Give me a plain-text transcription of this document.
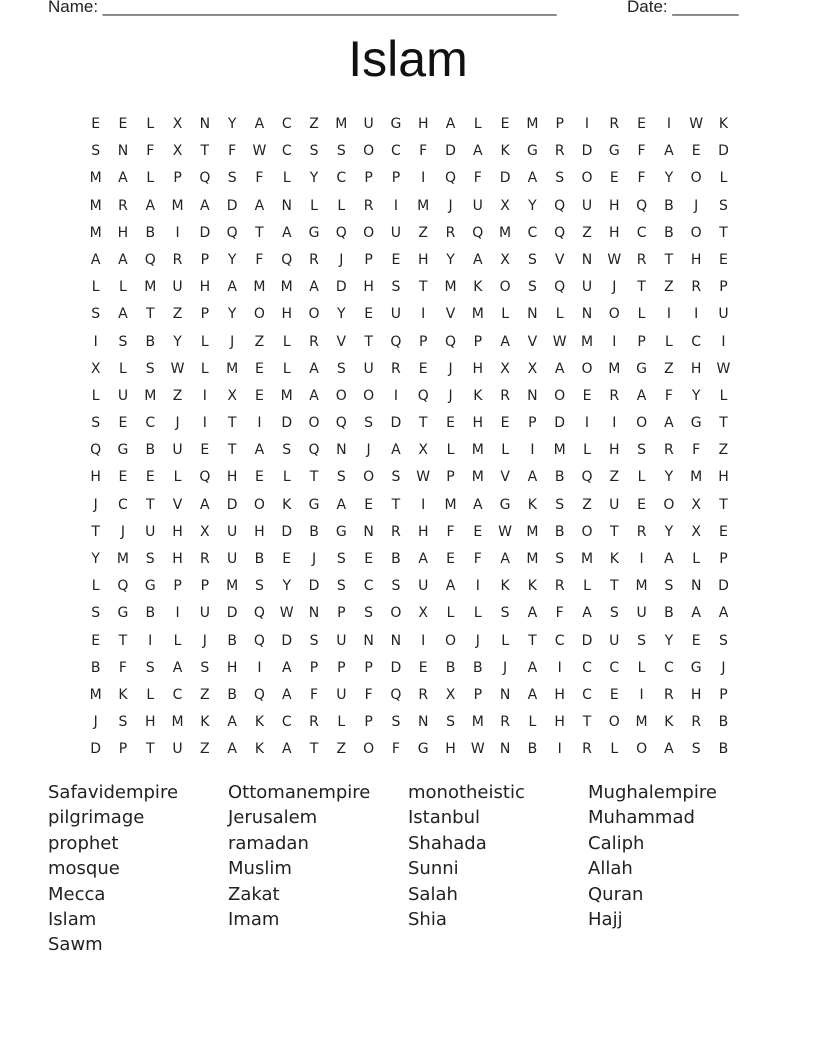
Name: ________________________________________________

	Date: _______

Islam
E	E	L	X	N	Y	A	C	Z	M	U	G	H	A	L	E	M	P	I	R	E	I	W	K
S	N	F	X	T	F	W	C	S	S	O	C	F	D	A	K	G	R	D	G	F	A	E	D
M	A	L	P	Q	S	F	L	Y	C	P	P	I	Q	F	D	A	S	O	E	F	Y	O	L
M	R	A	M	A	D	A	N	L	L	R	I	M	J	U	X	Y	Q	U	H	Q	B	J	S
M	H	B	I	D	Q	T	A	G	Q	O	U	Z	R	Q	M	C	Q	Z	H	C	B	O	T
A	A	Q	R	P	Y	F	Q	R	J	P	E	H	Y	A	X	S	V	N	W	R	T	H	E
L	L	M	U	H	A	M	M	A	D	H	S	T	M	K	O	S	Q	U	J	T	Z	R	P
S	A	T	Z	P	Y	O	H	O	Y	E	U	I	V	M	L	N	L	N	O	L	I	I	U
I	S	B	Y	L	J	Z	L	R	V	T	Q	P	Q	P	A	V	W	M	I	P	L	C	I
X	L	S	W	L	M	E	L	A	S	U	R	E	J	H	X	X	A	O	M	G	Z	H	W
L	U	M	Z	I	X	E	M	A	O	O	I	Q	J	K	R	N	O	E	R	A	F	Y	L
S	E	C	J	I	T	I	D	O	Q	S	D	T	E	H	E	P	D	I	I	O	A	G	T
Q	G	B	U	E	T	A	S	Q	N	J	A	X	L	M	L	I	M	L	H	S	R	F	Z
H	E	E	L	Q	H	E	L	T	S	O	S	W	P	M	V	A	B	Q	Z	L	Y	M	H
J	C	T	V	A	D	O	K	G	A	E	T	I	M	A	G	K	S	Z	U	E	O	X	T
T	J	U	H	X	U	H	D	B	G	N	R	H	F	E	W	M	B	O	T	R	Y	X	E
Y	M	S	H	R	U	B	E	J	S	E	B	A	E	F	A	M	S	M	K	I	A	L	P
L	Q	G	P	P	M	S	Y	D	S	C	S	U	A	I	K	K	R	L	T	M	S	N	D
S	G	B	I	U	D	Q	W	N	P	S	O	X	L	L	S	A	F	A	S	U	B	A	A
E	T	I	L	J	B	Q	D	S	U	N	N	I	O	J	L	T	C	D	U	S	Y	E	S
B	F	S	A	S	H	I	A	P	P	P	D	E	B	B	J	A	I	C	C	L	C	G	J
M	K	L	C	Z	B	Q	A	F	U	F	Q	R	X	P	N	A	H	C	E	I	R	H	P
J	S	H	M	K	A	K	C	R	L	P	S	N	S	M	R	L	H	T	O	M	K	R	B
D	P	T	U	Z	A	K	A	T	Z	O	F	G	H	W	N	B	I	R	L	O	A	S	B
Safavidempire	Ottomanempire	monotheistic	Mughalempire
pilgrimage	Jerusalem	Istanbul	Muhammad
prophet	ramadan	Shahada	Caliph
mosque	Muslim	Sunni	Allah
Mecca	Zakat	Salah	Quran
Islam	Imam	Shia	Hajj
Sawm
